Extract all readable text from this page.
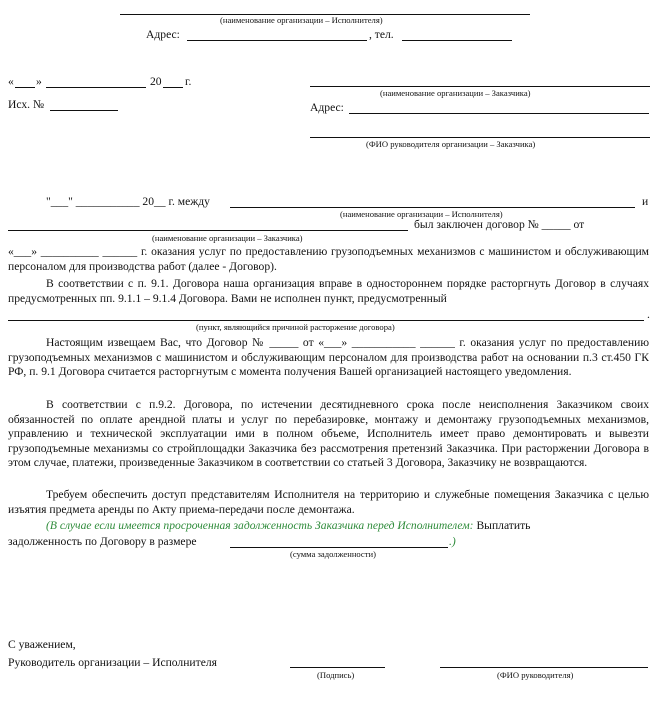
(наименование организации – Исполнителя)
Адрес:	, тел.
« »	20 г.
Исх. №
(наименование организации – Заказчика)
Адрес:
(ФИО руководителя организации – Заказчика)
"___" ___________ 20__ г. между	и
(наименование организации – Исполнителя)
был заключен договор № _____ от
(наименование организации – Заказчика)
«___» __________ ______ г. оказания услуг по предоставлению грузоподъемных механизмов с машинистом и обслуживающим персоналом для производства работ (далее - Договор).
В соответствии с п. 9.1. Договора наша организация вправе в одностороннем порядке расторгнуть Договор в случаях предусмотренных пп. 9.1.1 – 9.1.4 Договора. Вами не исполнен пункт, предусмотренный
.
(пункт, являющийся причиной расторжение договора)
Настоящим извещаем Вас, что Договор № _____ от «___» ___________ ______ г. оказания услуг по предоставлению грузоподъемных механизмов с машинистом и обслуживающим персоналом для производства работ на основании п.3 ст.450 ГК РФ, п. 9.1 Договора считается расторгнутым с момента получения Вашей организацией настоящего уведомления.
В соответствии с п.9.2. Договора, по истечении десятидневного срока после неисполнения Заказчиком своих обязанностей по оплате арендной платы и услуг по перебазировке, монтажу и демонтажу грузоподъемных механизмов, управлению и технической эксплуатации ими в полном объеме, Исполнитель имеет право демонтировать и вывезти грузоподъемные механизмы со стройплощадки Заказчика без рассмотрения претензий Заказчика. При расторжении Договора в этом случае, платежи, произведенные Заказчиком в соответствии со статьей 3 Договора, Заказчику не возвращаются.
Требуем обеспечить доступ представителям Исполнителя на территорию и служебные помещения Заказчика с целью изъятия предмета аренды по Акту приема-передачи после демонтажа.
(В случае если имеется просроченная задолженность Заказчика перед Исполнителем: Выплатить
задолженность по Договору в размере	.)
(сумма задолженности)
С уважением,
Руководитель организации – Исполнителя
(Подпись)	(ФИО руководителя)
